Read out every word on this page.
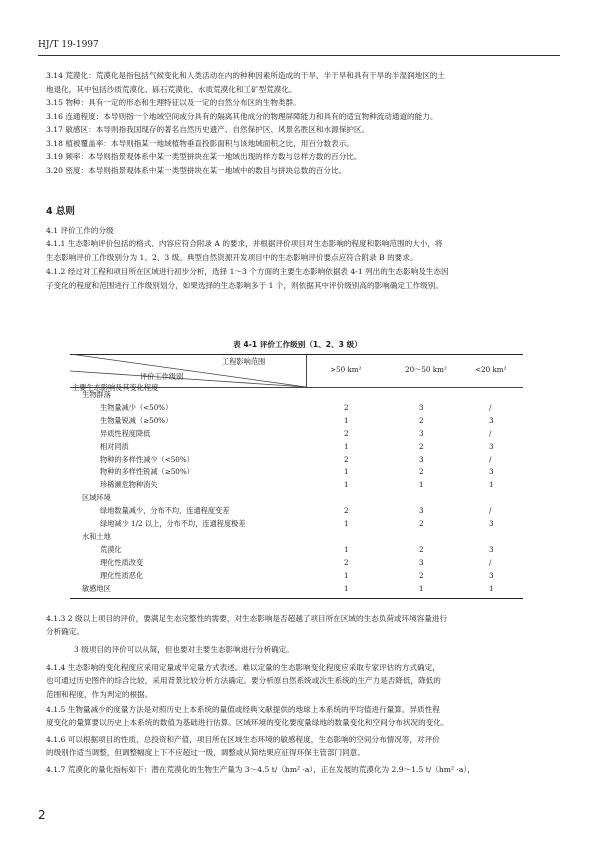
HJ/T 19-1997

3.14 荒漠化：荒漠化是指包括气候变化和人类活动在内的种种因素所造成的干旱、半干旱和具有干旱的半湿润地区的土

地退化，其中包括沙质荒漠化、砾石荒漠化、水质荒漠化和工矿型荒漠化。

3.15 物种：具有一定的形态和生理特征以及一定的自然分布区的生物类群。

3.16 连通程度：本导则指一个地域空间或分具有的隔离其他成分的物理屏障能力和具有的适宜物种流动通道的能力。

3.17 敏感区：本导则指我国现存的著名自然历史遗产、自然保护区、风景名胜区和水源保护区。

3.18 植被覆盖率：本导则指某一地域植物垂直投影面积与该地域面积之比，用百分数表示。

3.19 频率：本导则指景观体系中某一类型拼块在某一地域出现的样方数与总样方数的百分比。

3.20 密度：本导则指景观体系中某一类型拼块在某一地域中的数目与拼块总数的百分比。

4 总则

4.1 评价工作的分级

4.1.1 生态影响评价包括的格式、内容应符合附录 A 的要求，并根据评价项目对生态影响的程度和影响范围的大小，将

生态影响评价工作级别分为 1、2、3 级。典型自然资源开发项目中的生态影响评价要点应符合附录 B 的要求。

4.1.2 经过对工程和项目所在区域进行初步分析，选择 1～3 个方面的主要生态影响依据表 4-1 列出的生态影响及生态因

子变化的程度和范围进行工作级别划分，如果选择的生态影响多于 1 个，则依据其中评价级别高的影响确定工作级别。

表 4-1 评价工作级别（1、2、3 级）

工程影响范围

评价工作级别

主要生态影响及其变化程度

>50 km²	20～50 km²	<20 km²

生物群落

生物量减少（<50%）	2	3	/

生物量锐减（≥50%）	1	2	3

异质性程度降低	2	3	/

相对同质	1	2	3

物种的多样性减少（<50%）	2	3	/

物种的多样性锐减（≥50%）	1	2	3

珍稀濒危物种消失	1	1	1

区域环境

绿地数量减少，分布不均，连通程度变差	2	3	/

绿地减少 1/2 以上，分布不均，连通程度极差	1	2	3

水和土地

荒漠化	1	2	3

理化性质改变	2	3	/

理化性质恶化	1	2	3

敏感地区	1	1	1

4.1.3 2 级以上项目的评价，要满足生态完整性的需要，对生态影响是否超越了项目所在区域的生态负荷或环境容量进行

分析确定。

3 级项目的评价可以从简，但也要对主要生态影响进行分析确定。

4.1.4 生态影响的变化程度应采用定量或半定量方式表述。难以定量的生态影响变化程度应采取专家评估的方式确定，

也可通过历史图件的综合比较，采用背景比较分析方法确定。要分析原自然系统或次生系统的生产力是否降低，降低的

范围和程度，作为判定的根据。

4.1.5 生物量减少的度量方法是对照历史上本系统的量值或经典文献提供的地球上本系统的平均值进行量算。异质性程

度变化的量算要以历史上本系统的数值为基础进行估算。区域环境的变化要度量绿地的数量变化和空间分布状况的变化。

4.1.6 可以根据项目的性质、总投资和产值，项目所在区域生态环境的敏感程度，生态影响的空间分布情况等，对评价

的级别作适当调整，但调整幅度上下不应超过一级，调整或从简结果应征得环保主管部门同意。

4.1.7 荒漠化的量化指标如下：潜在荒漠化的生物生产量为 3～4.5 t/（hm² ·a），正在发展的荒漠化为 2.9～1.5 t/（hm² ·a），

2
